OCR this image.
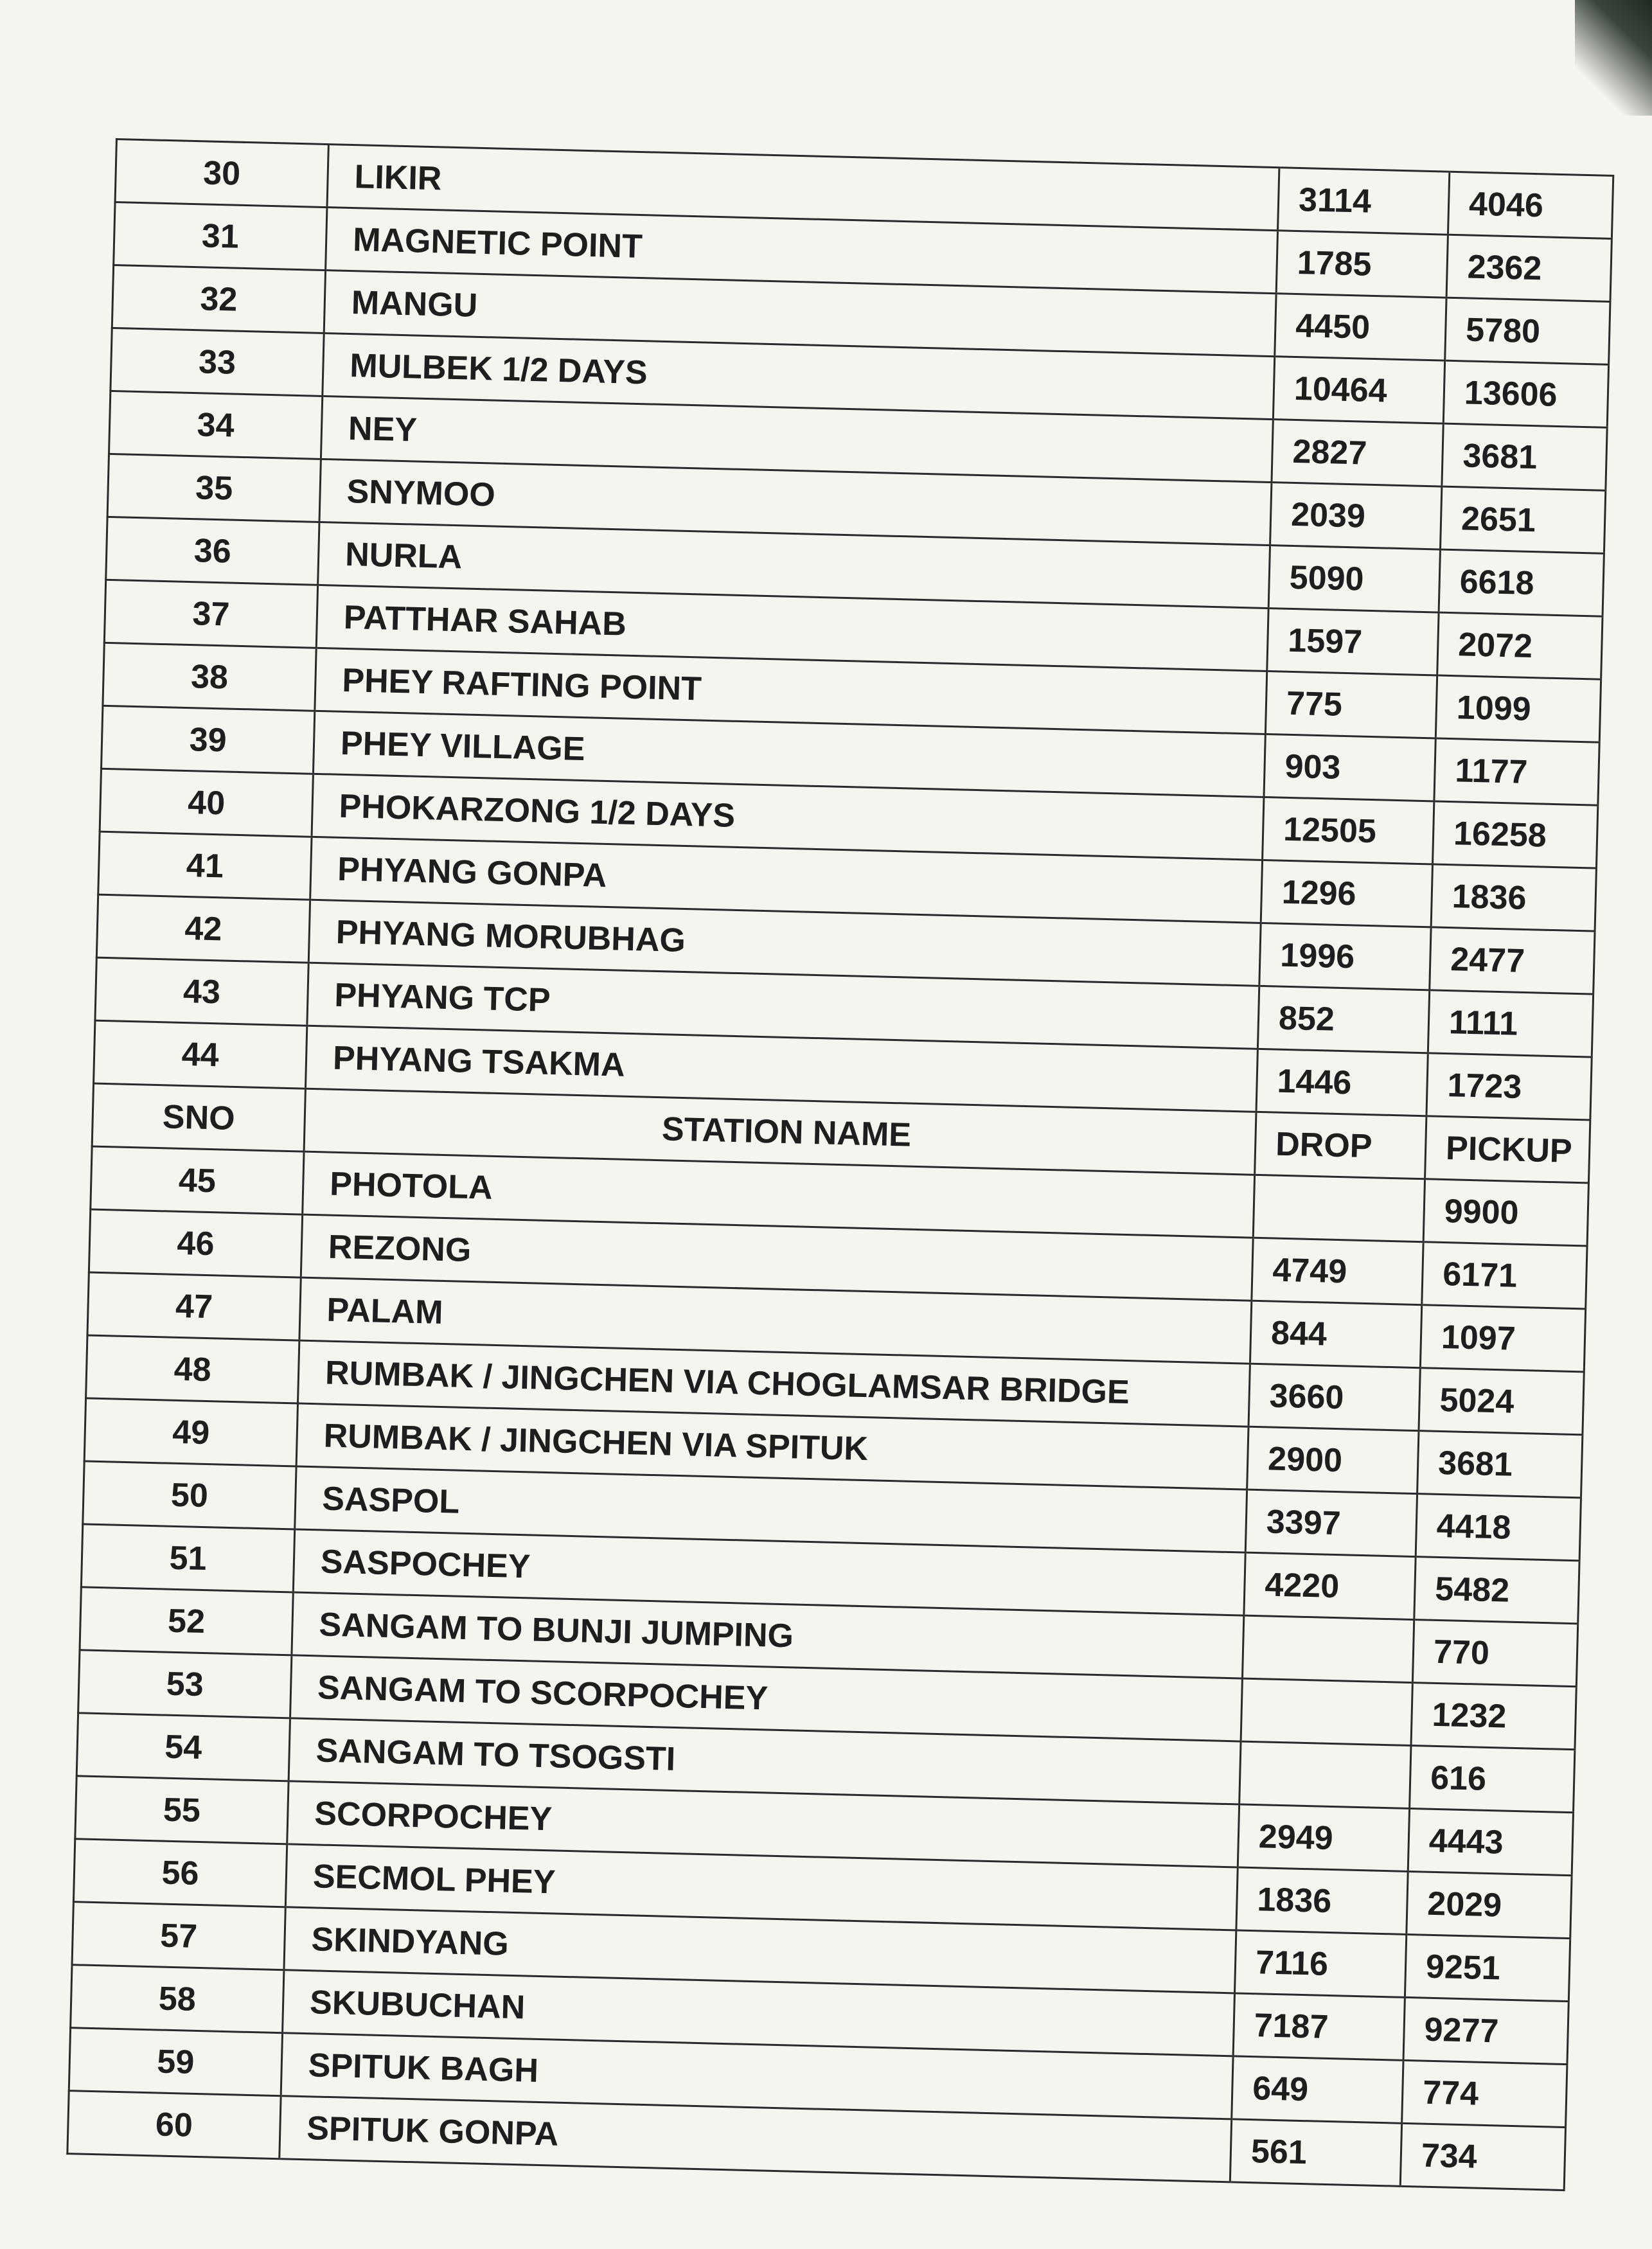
30	LIKIR	3114	4046
31	MAGNETIC POINT	1785	2362
32	MANGU	4450	5780
33	MULBEK 1/2 DAYS	10464	13606
34	NEY	2827	3681
35	SNYMOO	2039	2651
36	NURLA	5090	6618
37	PATTHAR SAHAB	1597	2072
38	PHEY RAFTING POINT	775	1099
39	PHEY VILLAGE	903	1177
40	PHOKARZONG 1/2 DAYS	12505	16258
41	PHYANG GONPA	1296	1836
42	PHYANG MORUBHAG	1996	2477
43	PHYANG TCP	852	1111
44	PHYANG TSAKMA	1446	1723
SNO	STATION NAME	DROP	PICKUP
45	PHOTOLA		9900
46	REZONG	4749	6171
47	PALAM	844	1097
48	RUMBAK / JINGCHEN VIA CHOGLAMSAR BRIDGE	3660	5024
49	RUMBAK / JINGCHEN VIA SPITUK	2900	3681
50	SASPOL	3397	4418
51	SASPOCHEY	4220	5482
52	SANGAM TO BUNJI JUMPING		770
53	SANGAM TO SCORPOCHEY		1232
54	SANGAM TO TSOGSTI		616
55	SCORPOCHEY	2949	4443
56	SECMOL PHEY	1836	2029
57	SKINDYANG	7116	9251
58	SKUBUCHAN	7187	9277
59	SPITUK BAGH	649	774
60	SPITUK GONPA	561	734
